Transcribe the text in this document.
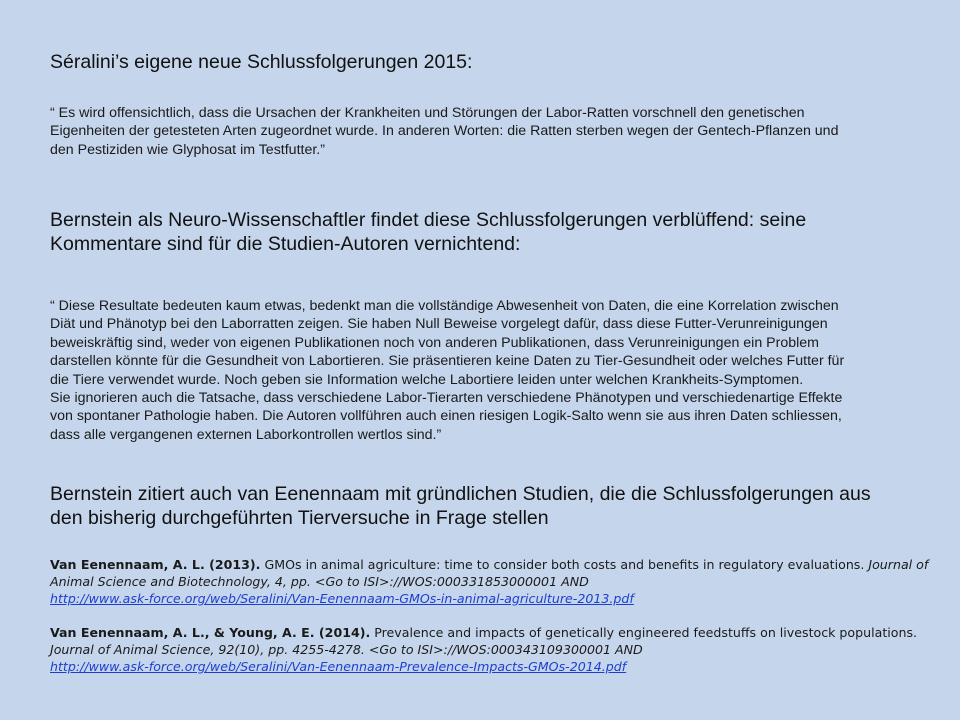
Séralini’s eigene neue Schlussfolgerungen 2015:
“ Es wird offensichtlich, dass die Ursachen der Krankheiten und Störungen der Labor-Ratten vorschnell den genetischen
Eigenheiten der getesteten Arten zugeordnet wurde. In anderen Worten: die Ratten sterben wegen der Gentech-Pflanzen und
den Pestiziden wie Glyphosat im Testfutter.”
Bernstein als Neuro-Wissenschaftler findet diese Schlussfolgerungen verblüffend: seine
Kommentare sind für die Studien-Autoren vernichtend:
“ Diese Resultate bedeuten kaum etwas, bedenkt man die vollständige Abwesenheit von Daten, die eine Korrelation zwischen
Diät und Phänotyp bei den Laborratten zeigen. Sie haben Null Beweise vorgelegt dafür, dass diese Futter-Verunreinigungen
beweiskräftig sind, weder von eigenen Publikationen noch von anderen Publikationen, dass Verunreinigungen ein Problem
darstellen könnte für die Gesundheit von Labortieren. Sie präsentieren keine Daten zu Tier-Gesundheit oder welches Futter für
die Tiere verwendet wurde. Noch geben sie Information welche Labortiere leiden unter welchen Krankheits-Symptomen.
Sie ignorieren auch die Tatsache, dass verschiedene Labor-Tierarten verschiedene Phänotypen und verschiedenartige Effekte
von spontaner Pathologie haben. Die Autoren vollführen auch einen riesigen Logik-Salto wenn sie aus ihren Daten schliessen,
dass alle vergangenen externen Laborkontrollen wertlos sind.”
Bernstein zitiert auch van Eenennaam mit gründlichen Studien, die die Schlussfolgerungen aus
den bisherig durchgeführten Tierversuche in Frage stellen

Van Eenennaam, A. L. (2013). GMOs in animal agriculture: time to consider both costs and benefits in regulatory evaluations. Journal of
Animal Science and Biotechnology, 4, pp. <Go to ISI>://WOS:000331853000001 AND
http://www.ask-force.org/web/Seralini/Van-Eenennaam-GMOs-in-animal-agriculture-2013.pdf

Van Eenennaam, A. L., & Young, A. E. (2014). Prevalence and impacts of genetically engineered feedstuffs on livestock populations.
Journal of Animal Science, 92(10), pp. 4255-4278. <Go to ISI>://WOS:000343109300001 AND
http://www.ask-force.org/web/Seralini/Van-Eenennaam-Prevalence-Impacts-GMOs-2014.pdf
